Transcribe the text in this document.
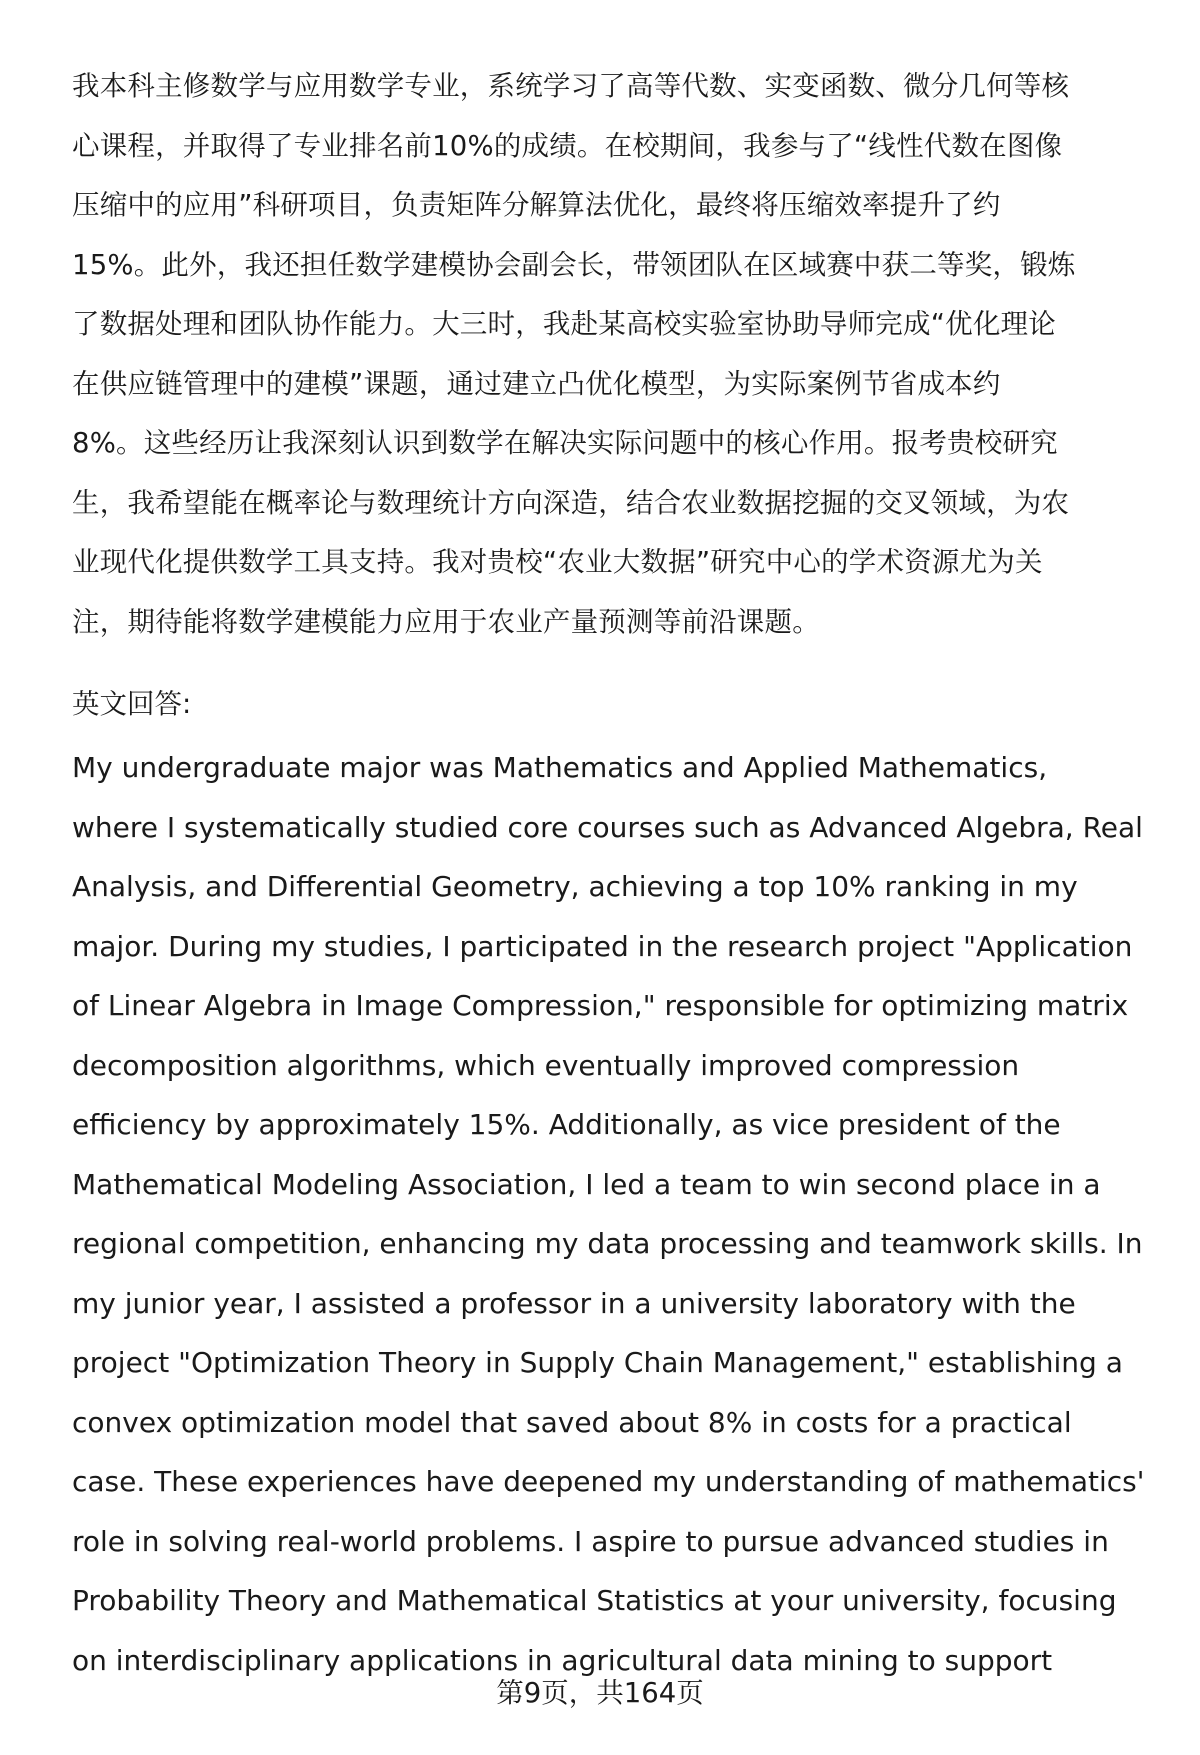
我本科主修数学与应用数学专业，系统学习了高等代数、实变函数、微分几何等核
心课程，并取得了专业排名前10%的成绩。在校期间，我参与了“线性代数在图像
压缩中的应用”科研项目，负责矩阵分解算法优化，最终将压缩效率提升了约
15%。此外，我还担任数学建模协会副会长，带领团队在区域赛中获二等奖，锻炼
了数据处理和团队协作能力。大三时，我赴某高校实验室协助导师完成“优化理论
在供应链管理中的建模”课题，通过建立凸优化模型，为实际案例节省成本约
8%。这些经历让我深刻认识到数学在解决实际问题中的核心作用。报考贵校研究
生，我希望能在概率论与数理统计方向深造，结合农业数据挖掘的交叉领域，为农
业现代化提供数学工具支持。我对贵校“农业大数据”研究中心的学术资源尤为关
注，期待能将数学建模能力应用于农业产量预测等前沿课题。
英文回答:
My undergraduate major was Mathematics and Applied Mathematics,
where I systematically studied core courses such as Advanced Algebra, Real
Analysis, and Differential Geometry, achieving a top 10% ranking in my
major. During my studies, I participated in the research project "Application
of Linear Algebra in Image Compression," responsible for optimizing matrix
decomposition algorithms, which eventually improved compression
efficiency by approximately 15%. Additionally, as vice president of the
Mathematical Modeling Association, I led a team to win second place in a
regional competition, enhancing my data processing and teamwork skills. In
my junior year, I assisted a professor in a university laboratory with the
project "Optimization Theory in Supply Chain Management," establishing a
convex optimization model that saved about 8% in costs for a practical
case. These experiences have deepened my understanding of mathematics'
role in solving real-world problems. I aspire to pursue advanced studies in
Probability Theory and Mathematical Statistics at your university, focusing
on interdisciplinary applications in agricultural data mining to support
第9页，共164页
